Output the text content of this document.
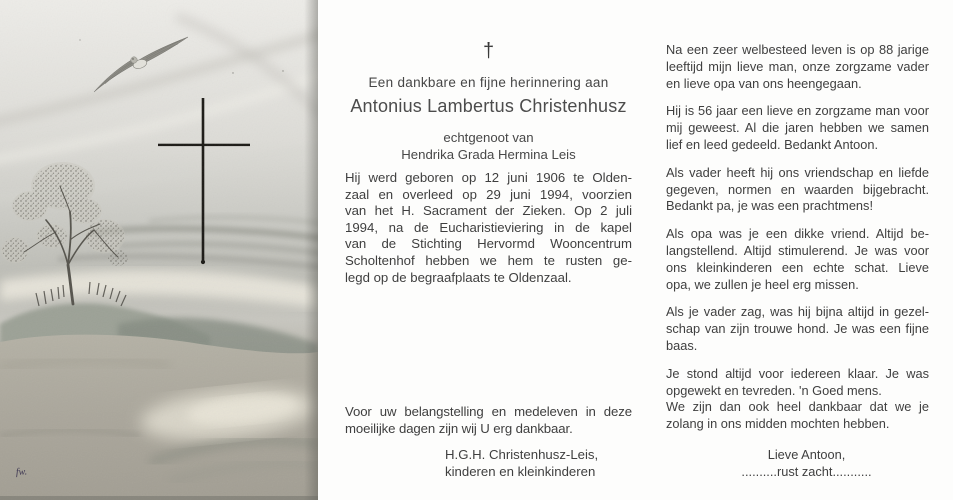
fw.
†
Een dankbare en fijne herinnering aan
Antonius Lambertus Christenhusz
echtgenoot van
Hendrika Grada Hermina Leis
Hij werd geboren op 12 juni 1906 te Olden-
zaal en overleed op 29 juni 1994, voorzien
van het H. Sacrament der Zieken. Op 2 juli
1994, na de Eucharistieviering in de kapel
van de Stichting Hervormd Wooncentrum
Scholtenhof hebben we hem te rusten ge-
legd op de begraafplaats te Oldenzaal.
Voor uw belangstelling en medeleven in deze
moeilijke dagen zijn wij U erg dankbaar.
H.G.H. Christenhusz-Leis,
kinderen en kleinkinderen
Na een zeer welbesteed leven is op 88 jarige
leeftijd mijn lieve man, onze zorgzame vader
en lieve opa van ons heengegaan.
Hij is 56 jaar een lieve en zorgzame man voor
mij geweest. Al die jaren hebben we samen
lief en leed gedeeld. Bedankt Antoon.
Als vader heeft hij ons vriendschap en liefde
gegeven, normen en waarden bijgebracht.
Bedankt pa, je was een prachtmens!
Als opa was je een dikke vriend. Altijd be-
langstellend. Altijd stimulerend. Je was voor
ons kleinkinderen een echte schat. Lieve
opa, we zullen je heel erg missen.
Als je vader zag, was hij bijna altijd in gezel-
schap van zijn trouwe hond. Je was een fijne
baas.
Je stond altijd voor iedereen klaar. Je was
opgewekt en tevreden. 'n Goed mens.
We zijn dan ook heel dankbaar dat we je
zolang in ons midden mochten hebben.
Lieve Antoon,
..........rust zacht...........
